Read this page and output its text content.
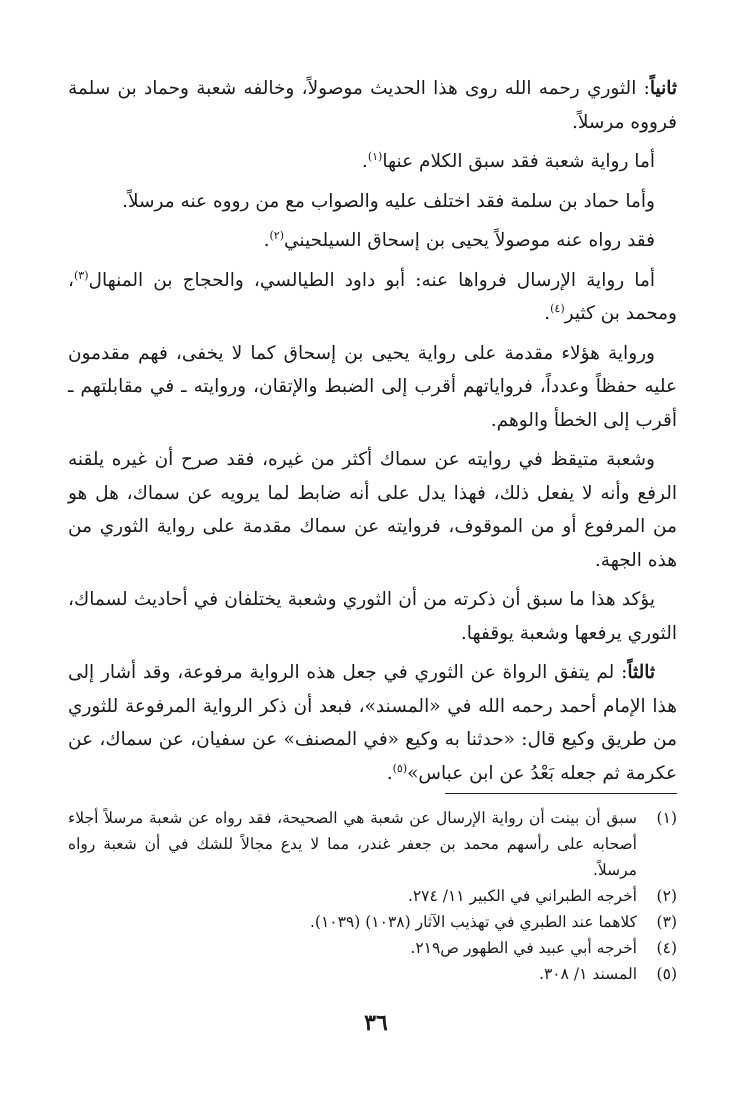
ثانياً: الثوري رحمه الله روى هذا الحديث موصولاً، وخالفه شعبة وحماد بن سلمة فرووه مرسلاً.

أما رواية شعبة فقد سبق الكلام عنها$^{(١)}$.

وأما حماد بن سلمة فقد اختلف عليه والصواب مع من رووه عنه مرسلاً.

فقد رواه عنه موصولاً يحيى بن إسحاق السيلحيني$^{(٢)}$.

أما رواية الإرسال فرواها عنه: أبو داود الطيالسي، والحجاج بن المنهال$^{(٣)}$، ومحمد بن كثير$^{(٤)}$.

ورواية هؤلاء مقدمة على رواية يحيى بن إسحاق كما لا يخفى، فهم مقدمون عليه حفظاً وعدداً، فرواياتهم أقرب إلى الضبط والإتقان، وروايته ـ في مقابلتهم ـ أقرب إلى الخطأ والوهم.

وشعبة متيقظ في روايته عن سماك أكثر من غيره، فقد صرح أن غيره يلقنه الرفع وأنه لا يفعل ذلك، فهذا يدل على أنه ضابط لما يرويه عن سماك، هل هو من المرفوع أو من الموقوف، فروايته عن سماك مقدمة على رواية الثوري من هذه الجهة.

يؤكد هذا ما سبق أن ذكرته من أن الثوري وشعبة يختلفان في أحاديث لسماك، الثوري يرفعها وشعبة يوقفها.

ثالثاً: لم يتفق الرواة عن الثوري في جعل هذه الرواية مرفوعة، وقد أشار إلى هذا الإمام أحمد رحمه الله في «المسند»، فبعد أن ذكر الرواية المرفوعة للثوري من طريق وكيع قال: «حدثنا به وكيع «في المصنف» عن سفيان، عن سماك، عن عكرمة ثم جعله بَعْدُ عن ابن عباس»$^{(٥)}$.

(١)
سبق أن بينت أن رواية الإرسال عن شعبة هي الصحيحة، فقد رواه عن شعبة مرسلاً أجلاء أصحابه على رأسهم محمد بن جعفر غندر، مما لا يدع مجالاً للشك في أن شعبة رواه مرسلاً.
(٢)
أخرجه الطبراني في الكبير ١١/ ٢٧٤.
(٣)
كلاهما عند الطبري في تهذيب الآثار (١٠٣٨) (١٠٣٩).
(٤)
أخرجه أبي عبيد في الطهور ص٢١٩.
(٥)
المسند ١/ ٣٠٨.
٣٦
